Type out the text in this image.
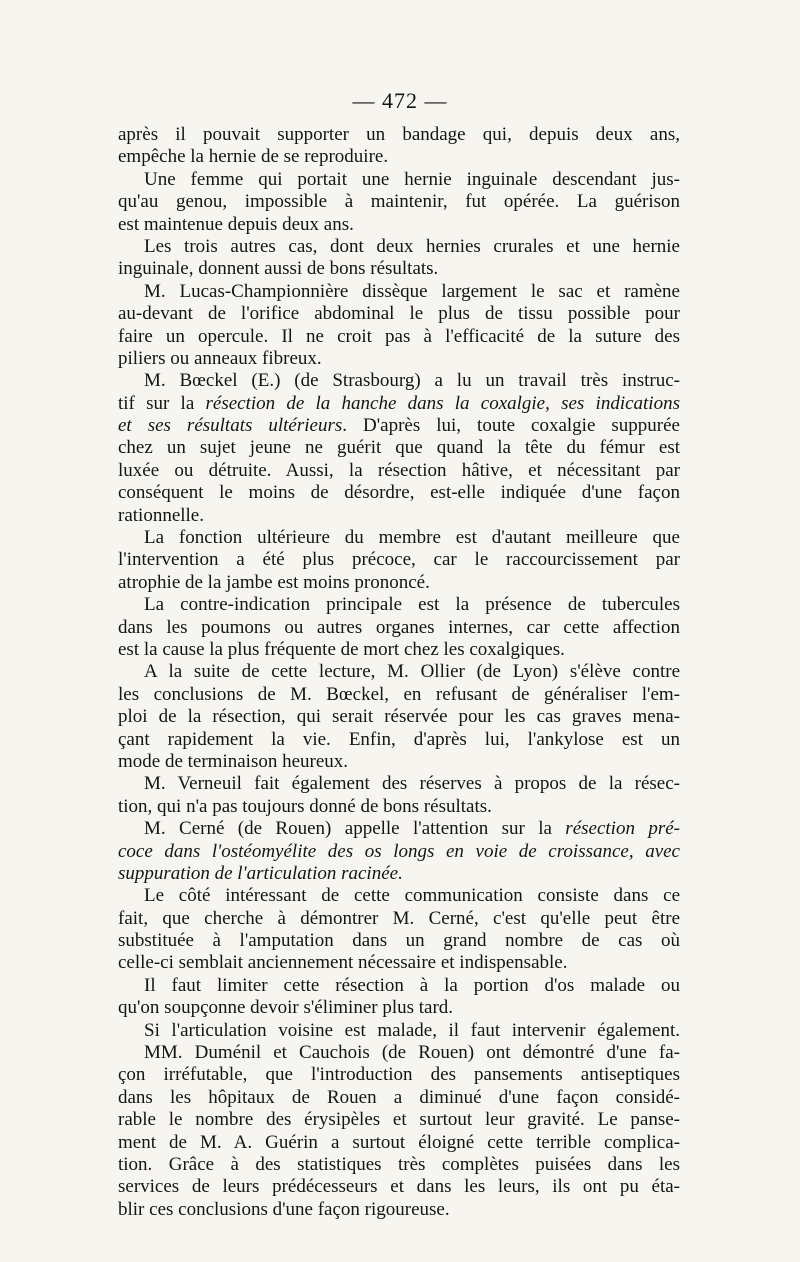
— 472 —
après il pouvait supporter un bandage qui, depuis deux ans,
empêche la hernie de se reproduire.
Une femme qui portait une hernie inguinale descendant jus-
qu'au genou, impossible à maintenir, fut opérée. La guérison
est maintenue depuis deux ans.
Les trois autres cas, dont deux hernies crurales et une hernie
inguinale, donnent aussi de bons résultats.
M. Lucas-Championnière dissèque largement le sac et ramène
au-devant de l'orifice abdominal le plus de tissu possible pour
faire un opercule. Il ne croit pas à l'efficacité de la suture des
piliers ou anneaux fibreux.
M. Bœckel (E.) (de Strasbourg) a lu un travail très instruc-
tif sur la résection de la hanche dans la coxalgie, ses indications
et ses résultats ultérieurs. D'après lui, toute coxalgie suppurée
chez un sujet jeune ne guérit que quand la tête du fémur est
luxée ou détruite. Aussi, la résection hâtive, et nécessitant par
conséquent le moins de désordre, est-elle indiquée d'une façon
rationnelle.
La fonction ultérieure du membre est d'autant meilleure que
l'intervention a été plus précoce, car le raccourcissement par
atrophie de la jambe est moins prononcé.
La contre-indication principale est la présence de tubercules
dans les poumons ou autres organes internes, car cette affection
est la cause la plus fréquente de mort chez les coxalgiques.
A la suite de cette lecture, M. Ollier (de Lyon) s'élève contre
les conclusions de M. Bœckel, en refusant de généraliser l'em-
ploi de la résection, qui serait réservée pour les cas graves mena-
çant rapidement la vie. Enfin, d'après lui, l'ankylose est un
mode de terminaison heureux.
M. Verneuil fait également des réserves à propos de la résec-
tion, qui n'a pas toujours donné de bons résultats.
M. Cerné (de Rouen) appelle l'attention sur la résection pré-
coce dans l'ostéomyélite des os longs en voie de croissance, avec
suppuration de l'articulation racinée.
Le côté intéressant de cette communication consiste dans ce
fait, que cherche à démontrer M. Cerné, c'est qu'elle peut être
substituée à l'amputation dans un grand nombre de cas où
celle-ci semblait anciennement nécessaire et indispensable.
Il faut limiter cette résection à la portion d'os malade ou
qu'on soupçonne devoir s'éliminer plus tard.
Si l'articulation voisine est malade, il faut intervenir également.
MM. Duménil et Cauchois (de Rouen) ont démontré d'une fa-
çon irréfutable, que l'introduction des pansements antiseptiques
dans les hôpitaux de Rouen a diminué d'une façon considé-
rable le nombre des érysipèles et surtout leur gravité. Le panse-
ment de M. A. Guérin a surtout éloigné cette terrible complica-
tion. Grâce à des statistiques très complètes puisées dans les
services de leurs prédécesseurs et dans les leurs, ils ont pu éta-
blir ces conclusions d'une façon rigoureuse.
